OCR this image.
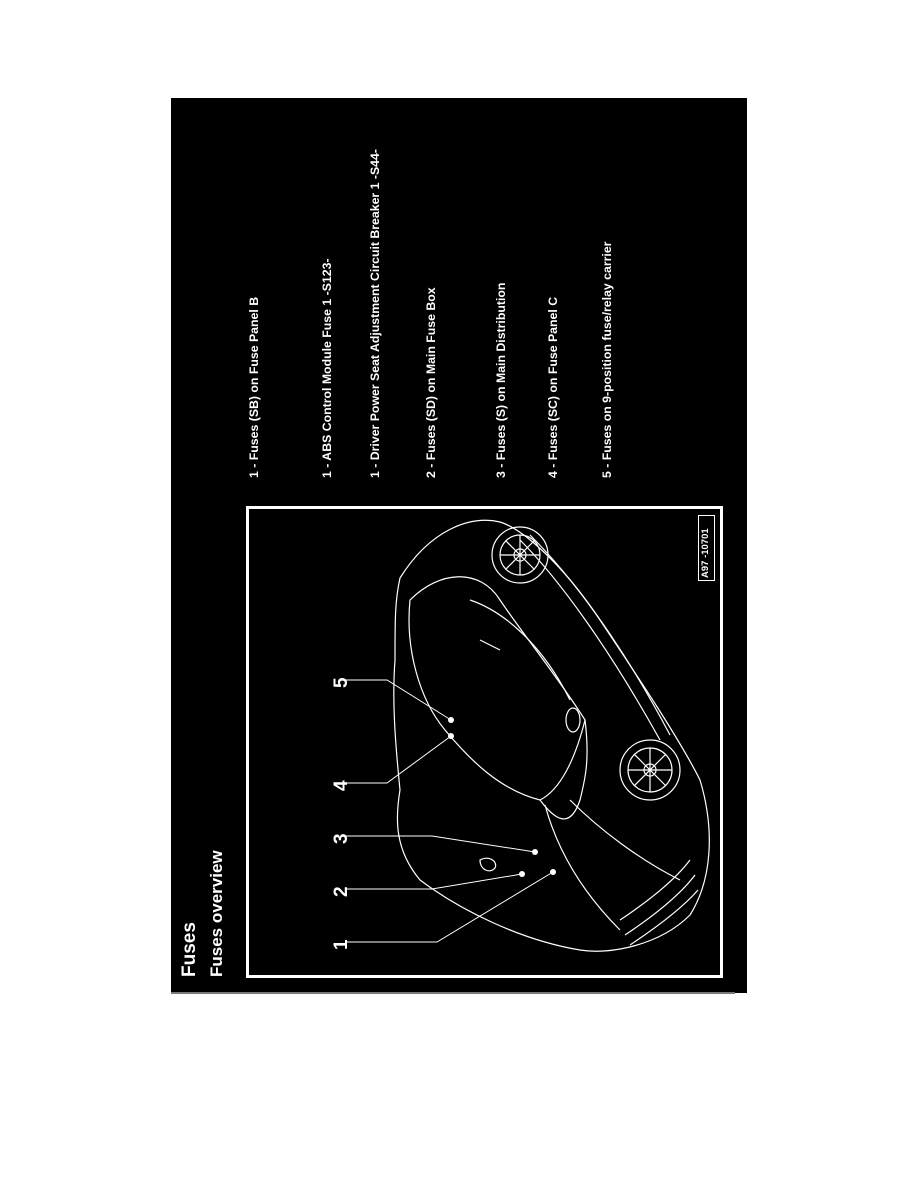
Fuses Fuses overview
1 - Fuses (SB) on Fuse Panel B	1 - ABS Control Module Fuse 1 -S123-	1 - Driver Power Seat Adjustment Circuit Breaker 1 -S44-	2 - Fuses (SD) on Main Fuse Box	3 - Fuses (S) on Main Distribution	4 - Fuses (SC) on Fuse Panel C	5 - Fuses on 9-position fuse/relay carrier
1
2
3
4
5
A97 -10701
